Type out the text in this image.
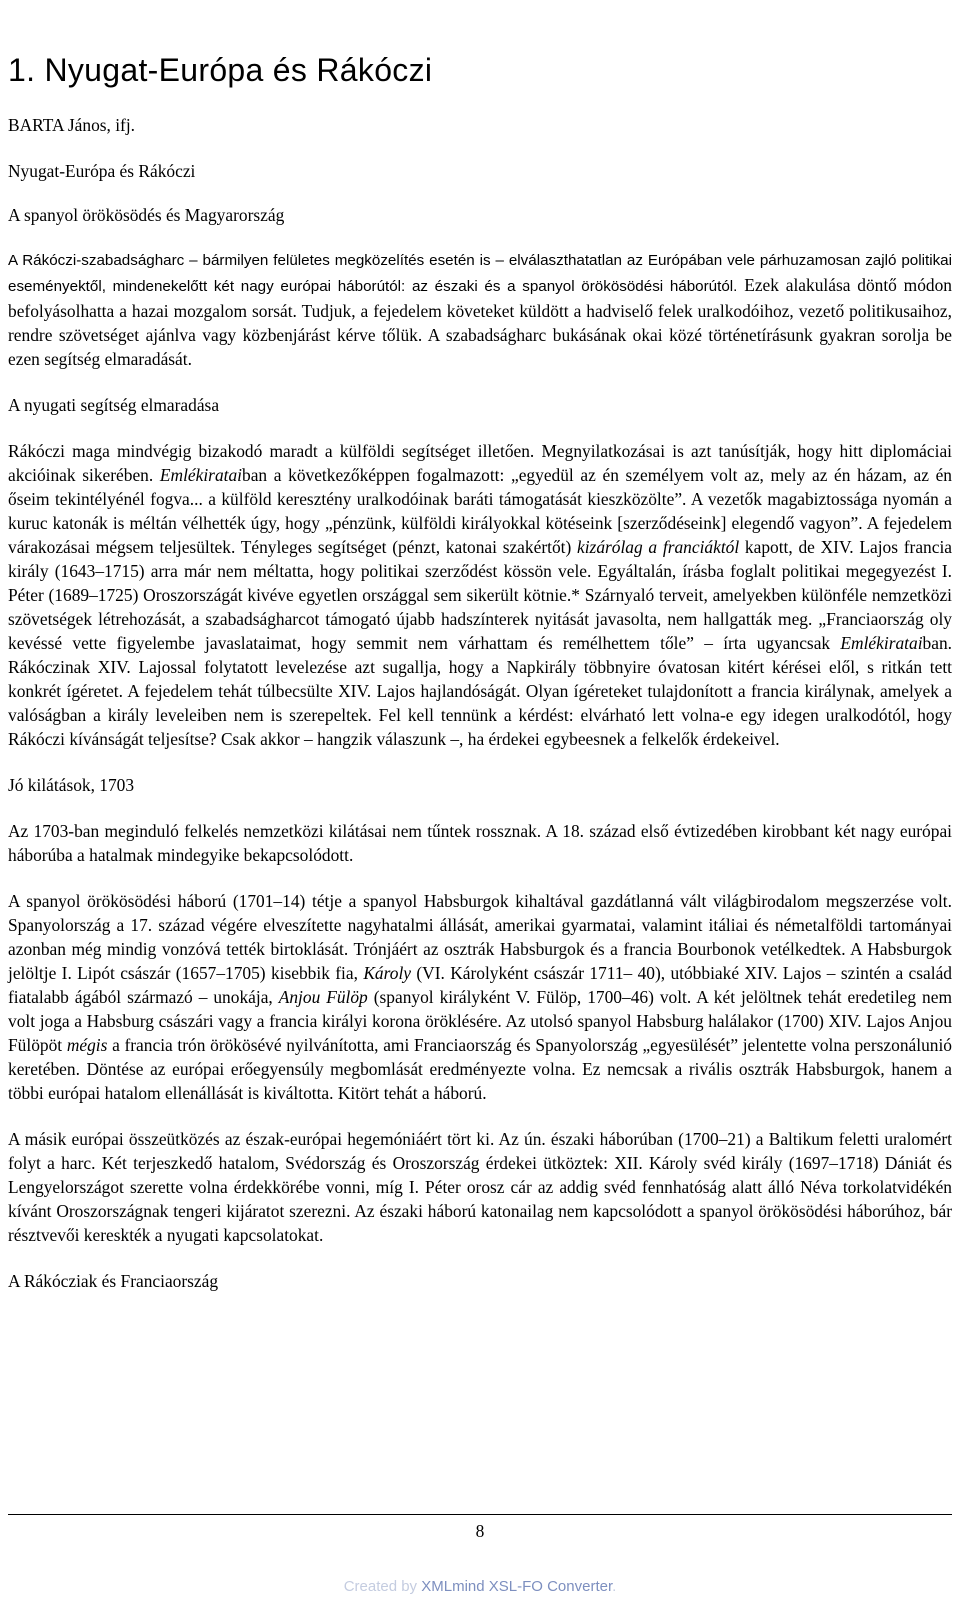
1. Nyugat-Európa és Rákóczi
BARTA János, ifj.
Nyugat-Európa és Rákóczi
A spanyol örökösödés és Magyarország

A Rákóczi-szabadságharc – bármilyen felületes megközelítés esetén is – elválaszthatatlan az Európában vele párhuzamosan zajló politikai eseményektől, mindenekelőtt két nagy európai háborútól: az északi és a spanyol örökösödési háborútól. Ezek alakulása döntő módon befolyásolhatta a hazai mozgalom sorsát. Tudjuk, a fejedelem követeket küldött a hadviselő felek uralkodóihoz, vezető politikusaihoz, rendre szövetséget ajánlva vagy közbenjárást kérve tőlük. A szabadságharc bukásának okai közé történetírásunk gyakran sorolja be ezen segítség elmaradását.

A nyugati segítség elmaradása

Rákóczi maga mindvégig bizakodó maradt a külföldi segítséget illetően. Megnyilatkozásai is azt tanúsítják, hogy hitt diplomáciai akcióinak sikerében. Emlékirataiban a következőképpen fogalmazott: „egyedül az én személyem volt az, mely az én házam, az én őseim tekintélyénél fogva... a külföld keresztény uralkodóinak baráti támogatását kieszközölte”. A vezetők magabiztossága nyomán a kuruc katonák is méltán vélhették úgy, hogy „pénzünk, külföldi királyokkal kötéseink [szerződéseink] elegendő vagyon”. A fejedelem várakozásai mégsem teljesültek. Tényleges segítséget (pénzt, katonai szakértőt) kizárólag a franciáktól kapott, de XIV. Lajos francia király (1643–1715) arra már nem méltatta, hogy politikai szerződést kössön vele. Egyáltalán, írásba foglalt politikai megegyezést I. Péter (1689–1725) Oroszországát kivéve egyetlen országgal sem sikerült kötnie.* Szárnyaló terveit, amelyekben különféle nemzetközi szövetségek létrehozását, a szabadságharcot támogató újabb hadszínterek nyitását javasolta, nem hallgatták meg. „Franciaország oly kevéssé vette figyelembe javaslataimat, hogy semmit nem várhattam és remélhettem tőle” – írta ugyancsak Emlékirataiban. Rákóczinak XIV. Lajossal folytatott levelezése azt sugallja, hogy a Napkirály többnyire óvatosan kitért kérései elől, s ritkán tett konkrét ígéretet. A fejedelem tehát túlbecsülte XIV. Lajos hajlandóságát. Olyan ígéreteket tulajdonított a francia királynak, amelyek a valóságban a király leveleiben nem is szerepeltek. Fel kell tennünk a kérdést: elvárható lett volna-e egy idegen uralkodótól, hogy Rákóczi kívánságát teljesítse? Csak akkor – hangzik válaszunk –, ha érdekei egybeesnek a felkelők érdekeivel.

Jó kilátások, 1703

Az 1703-ban meginduló felkelés nemzetközi kilátásai nem tűntek rossznak. A 18. század első évtizedében kirobbant két nagy európai háborúba a hatalmak mindegyike bekapcsolódott.

A spanyol örökösödési háború (1701–14) tétje a spanyol Habsburgok kihaltával gazdátlanná vált világbirodalom megszerzése volt. Spanyolország a 17. század végére elveszítette nagyhatalmi állását, amerikai gyarmatai, valamint itáliai és németalföldi tartományai azonban még mindig vonzóvá tették birtoklását. Trónjáért az osztrák Habsburgok és a francia Bourbonok vetélkedtek. A Habsburgok jelöltje I. Lipót császár (1657–1705) kisebbik fia, Károly (VI. Károlyként császár 1711– 40), utóbbiaké XIV. Lajos – szintén a család fiatalabb ágából származó – unokája, Anjou Fülöp (spanyol királyként V. Fülöp, 1700–46) volt. A két jelöltnek tehát eredetileg nem volt joga a Habsburg császári vagy a francia királyi korona öröklésére. Az utolsó spanyol Habsburg halálakor (1700) XIV. Lajos Anjou Fülöpöt mégis a francia trón örökösévé nyilvánította, ami Franciaország és Spanyolország „egyesülését” jelentette volna perszonálunió keretében. Döntése az európai erőegyensúly megbomlását eredményezte volna. Ez nemcsak a rivális osztrák Habsburgok, hanem a többi európai hatalom ellenállását is kiváltotta. Kitört tehát a háború.

A másik európai összeütközés az észak-európai hegemóniáért tört ki. Az ún. északi háborúban (1700–21) a Baltikum feletti uralomért folyt a harc. Két terjeszkedő hatalom, Svédország és Oroszország érdekei ütköztek: XII. Károly svéd király (1697–1718) Dániát és Lengyelországot szerette volna érdekkörébe vonni, míg I. Péter orosz cár az addig svéd fennhatóság alatt álló Néva torkolatvidékén kívánt Oroszországnak tengeri kijáratot szerezni. Az északi háború katonailag nem kapcsolódott a spanyol örökösödési háborúhoz, bár résztvevői kereskték a nyugati kapcsolatokat.

A Rákócziak és Franciaország
8
Created by XMLmind XSL-FO Converter.
